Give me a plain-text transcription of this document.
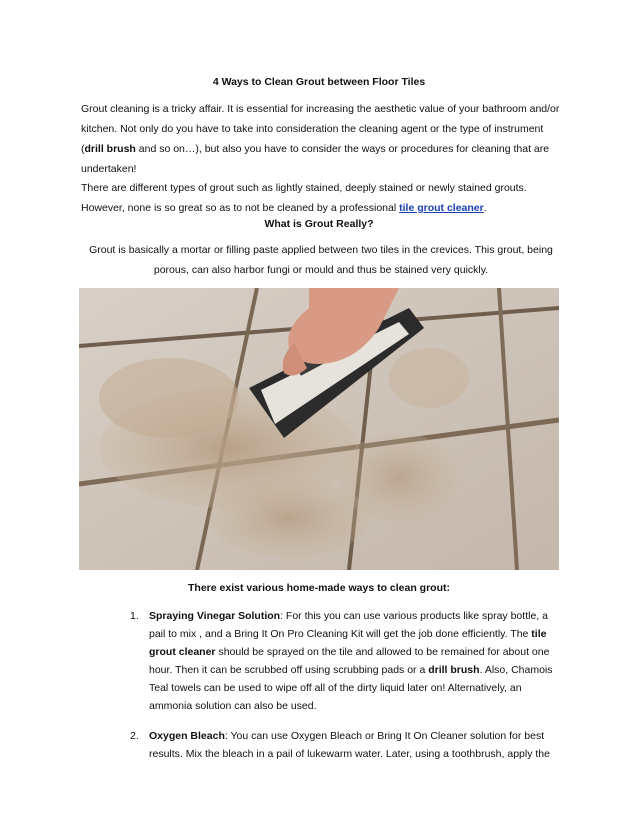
4 Ways to Clean Grout between Floor Tiles

Grout cleaning is a tricky affair. It is essential for increasing the aesthetic value of your bathroom and/or kitchen. Not only do you have to take into consideration the cleaning agent or the type of instrument (drill brush and so on…), but also you have to consider the ways or procedures for cleaning that are undertaken!

There are different types of grout such as lightly stained, deeply stained or newly stained grouts. However, none is so great so as to not be cleaned by a professional tile grout cleaner.

What is Grout Really?

Grout is basically a mortar or filling paste applied between two tiles in the crevices. This grout, being porous, can also harbor fungi or mould and thus be stained very quickly.

There exist various home-made ways to clean grout:
1. Spraying Vinegar Solution: For this you can use various products like spray bottle, a pail to mix , and a Bring It On Pro Cleaning Kit will get the job done efficiently. The tile grout cleaner should be sprayed on the tile and allowed to be remained for about one hour. Then it can be scrubbed off using scrubbing pads or a drill brush. Also, Chamois Teal towels can be used to wipe off all of the dirty liquid later on! Alternatively, an ammonia solution can also be used.
2. Oxygen Bleach: You can use Oxygen Bleach or Bring It On Cleaner solution for best results. Mix the bleach in a pail of lukewarm water. Later, using a toothbrush, apply the
